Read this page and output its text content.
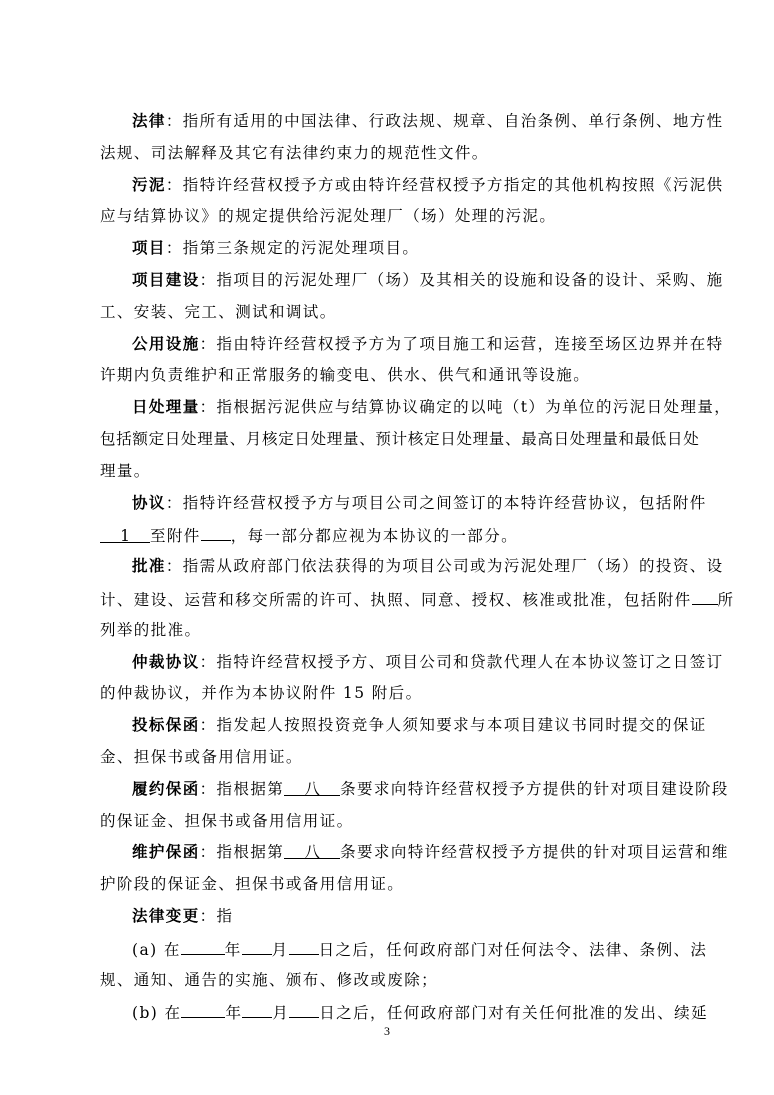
法律：指所有适用的中国法律、行政法规、规章、自治条例、单行条例、地方性
法规、司法解释及其它有法律约束力的规范性文件。
污泥：指特许经营权授予方或由特许经营权授予方指定的其他机构按照《污泥供
应与结算协议》的规定提供给污泥处理厂（场）处理的污泥。
项目：指第三条规定的污泥处理项目。
项目建设：指项目的污泥处理厂（场）及其相关的设施和设备的设计、采购、施
工、安装、完工、测试和调试。
公用设施：指由特许经营权授予方为了项目施工和运营，连接至场区边界并在特
许期内负责维护和正常服务的输变电、供水、供气和通讯等设施。
日处理量：指根据污泥供应与结算协议确定的以吨（t）为单位的污泥日处理量，
包括额定日处理量、月核定日处理量、预计核定日处理量、最高日处理量和最低日处
理量。
协议：指特许经营权授予方与项目公司之间签订的本特许经营协议，包括附件
1 至附件 ，每一部分都应视为本协议的一部分。
批准：指需从政府部门依法获得的为项目公司或为污泥处理厂（场）的投资、设
计、建设、运营和移交所需的许可、执照、同意、授权、核准或批准，包括附件 所
列举的批准。
仲裁协议：指特许经营权授予方、项目公司和贷款代理人在本协议签订之日签订
的仲裁协议，并作为本协议附件 15 附后。
投标保函：指发起人按照投资竞争人须知要求与本项目建议书同时提交的保证
金、担保书或备用信用证。
履约保函：指根据第 八 条要求向特许经营权授予方提供的针对项目建设阶段
的保证金、担保书或备用信用证。
维护保函：指根据第 八 条要求向特许经营权授予方提供的针对项目运营和维
护阶段的保证金、担保书或备用信用证。
法律变更：指
(a) 在	年 月 日之后，任何政府部门对任何法令、法律、条例、法
规、通知、通告的实施、颁布、修改或废除；
3
(b) 在	年 月 日之后，任何政府部门对有关任何批准的发出、续延
